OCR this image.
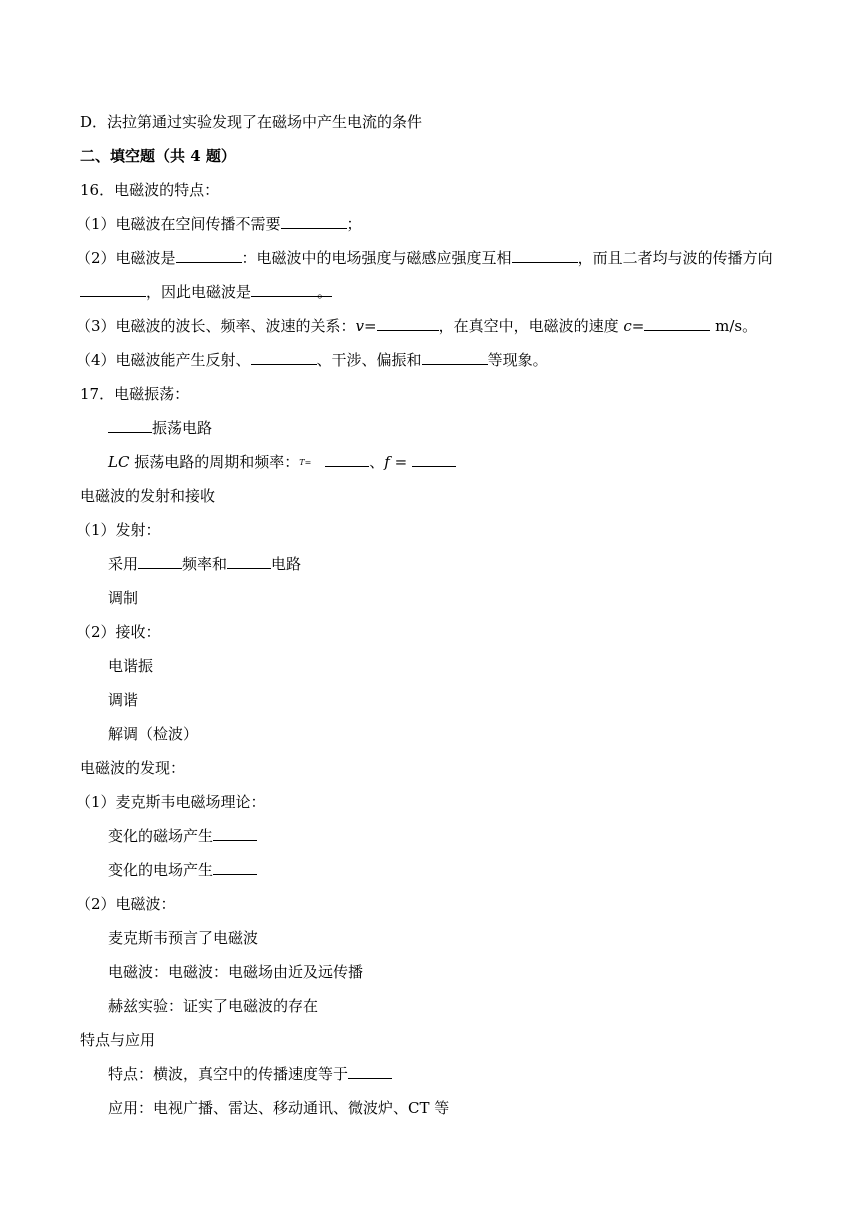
D．法拉第通过实验发现了在磁场中产生电流的条件
二、填空题（共 4 题）
16．电磁波的特点：
（1）电磁波在空间传播不需要	；
（2）电磁波是	：电磁波中的电场强度与磁感应强度互相	，而且二者均与波的传播方向
，因此电磁波是	。
（3）电磁波的波长、频率、波速的关系：v=	，在真空中，电磁波的速度 c=	m/s。
（4）电磁波能产生反射、	、干涉、偏振和	等现象。
17．电磁振荡：
振荡电路
LC 振荡电路的周期和频率：T=	、f =
电磁波的发射和接收
（1）发射：
采用	频率和	电路
调制
（2）接收：
电谐振
调谐
解调（检波）
电磁波的发现：
（1）麦克斯韦电磁场理论：
变化的磁场产生
变化的电场产生
（2）电磁波：
麦克斯韦预言了电磁波
电磁波：电磁波：电磁场由近及远传播
赫兹实验：证实了电磁波的存在
特点与应用
特点：横波，真空中的传播速度等于
应用：电视广播、雷达、移动通讯、微波炉、CT 等
